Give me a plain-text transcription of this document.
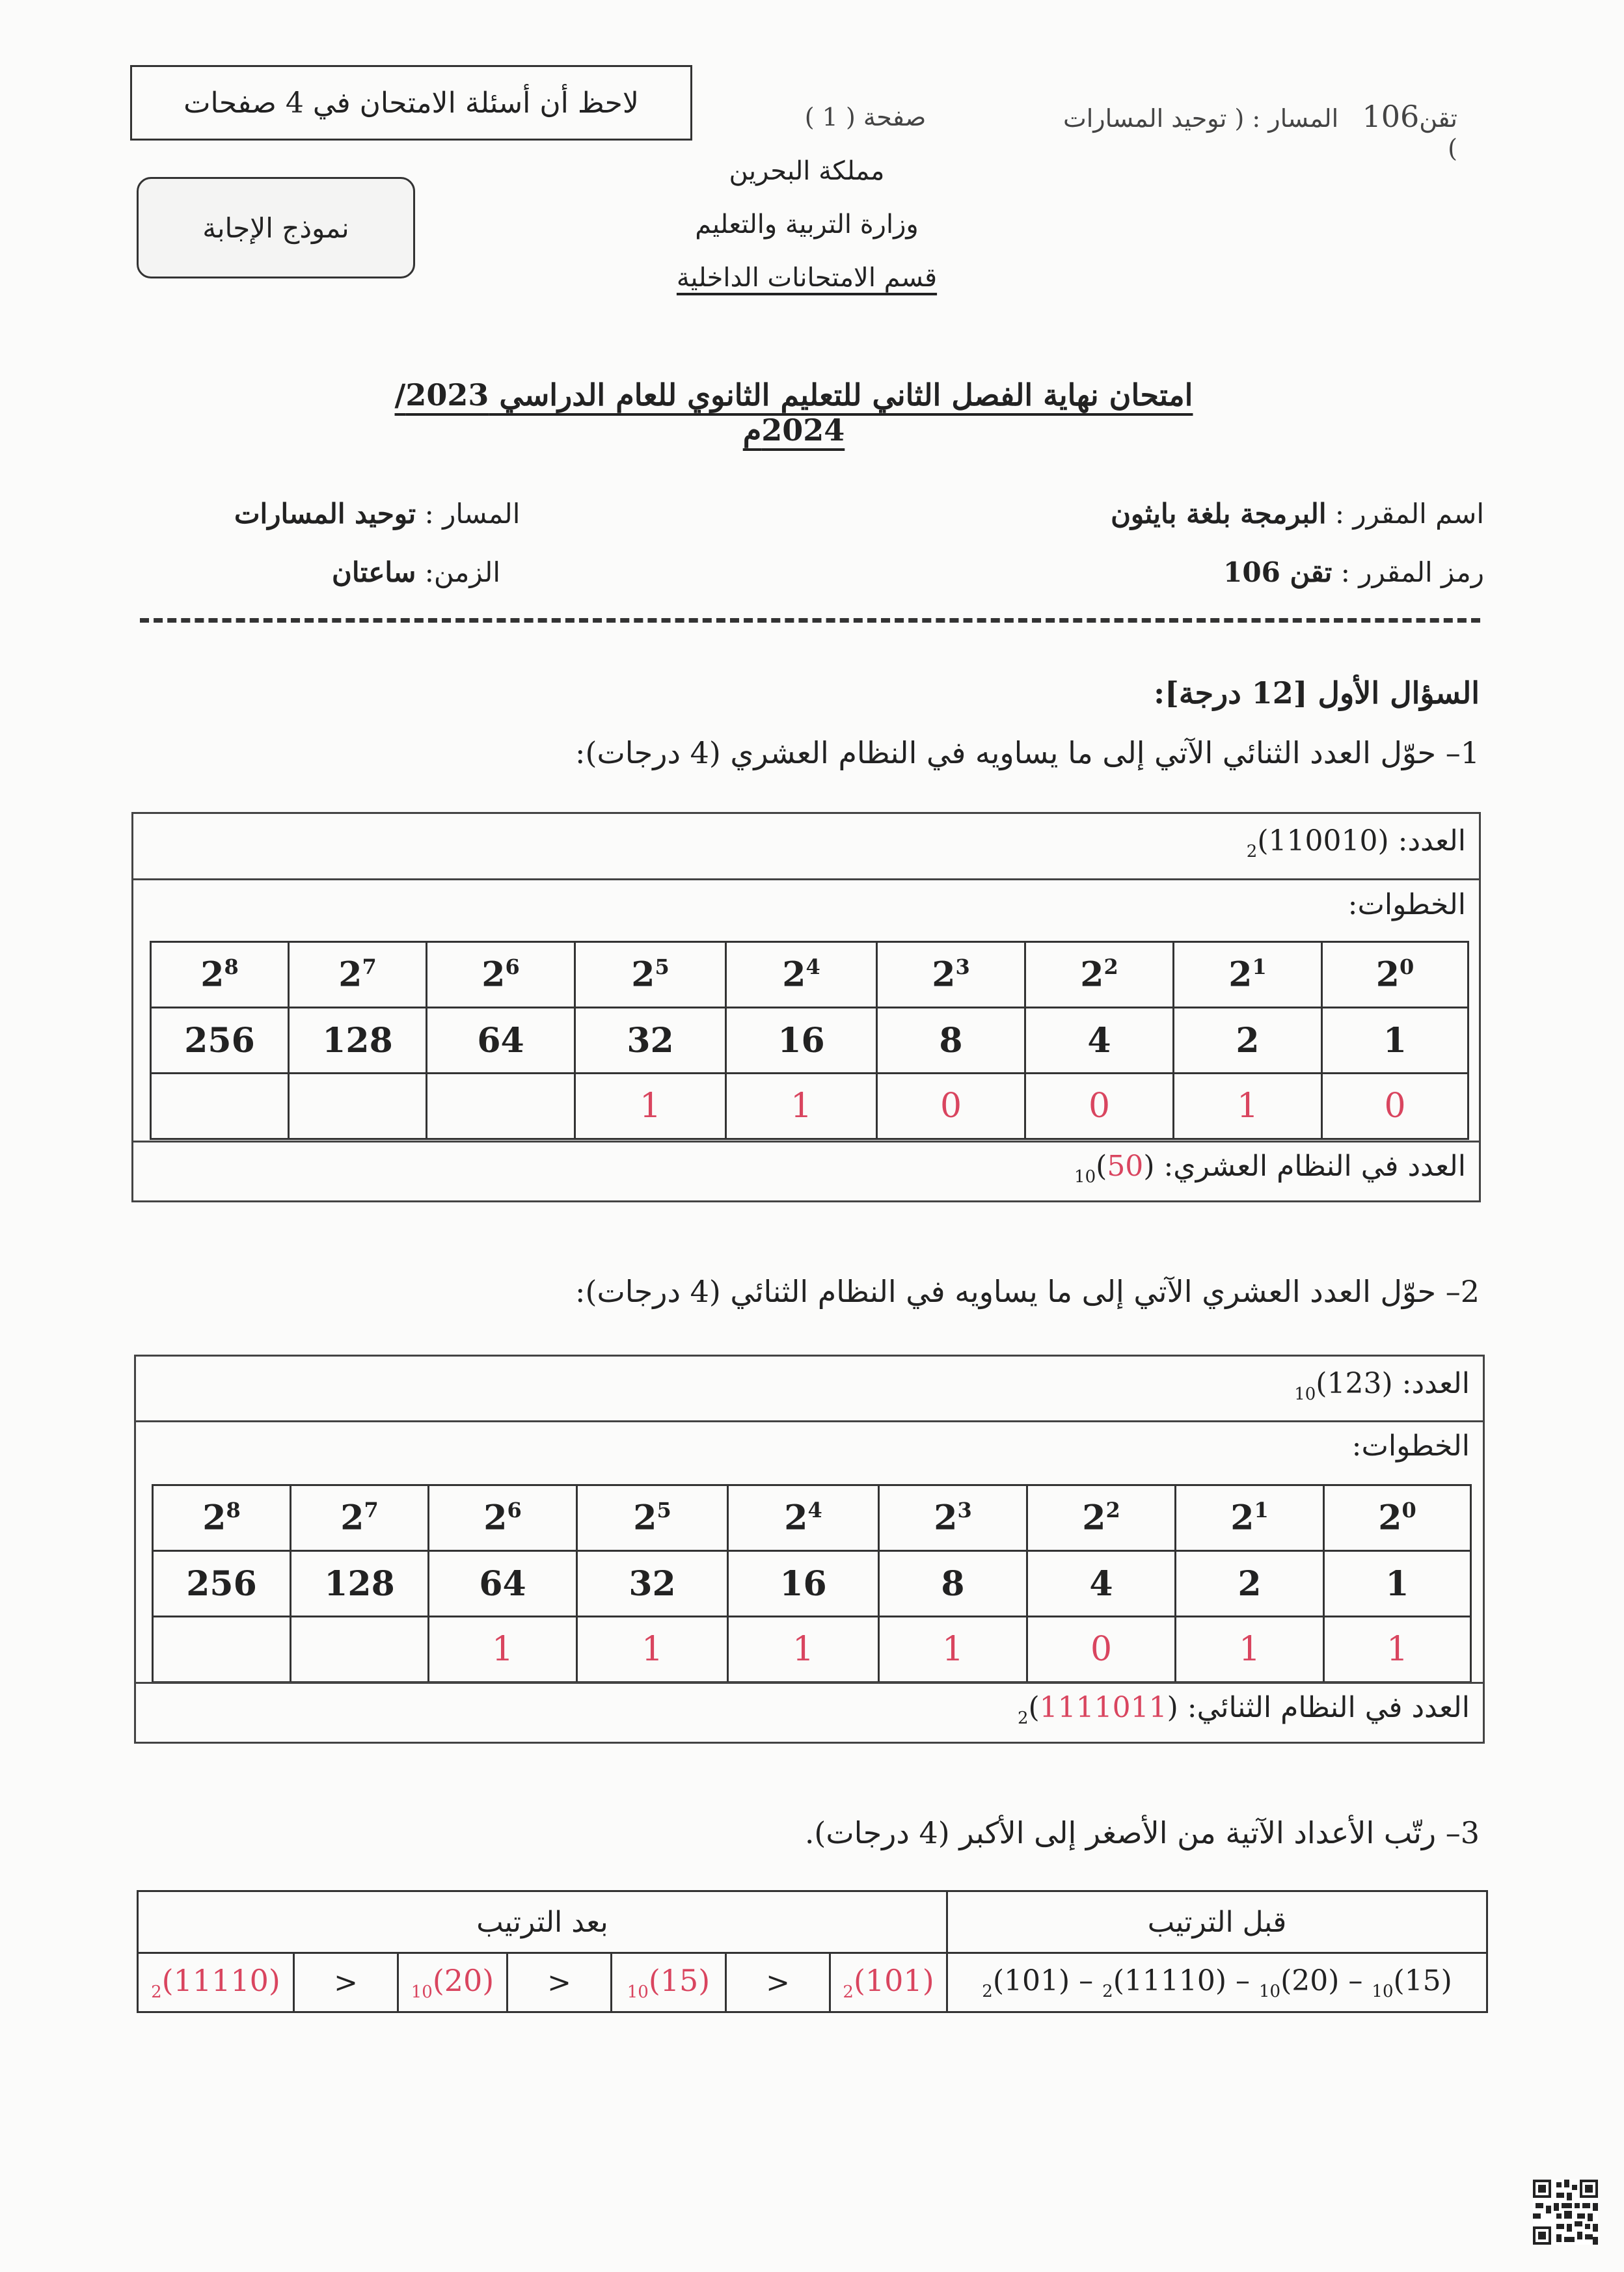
لاحظ أن أسئلة الامتحان في 4 صفحات
نموذج الإجابة
صفحة ( 1 )	تقن106   المسار : ( توحيد المسارات )
مملكة البحرين
وزارة التربية والتعليم
قسم الامتحانات الداخلية
امتحان نهاية الفصل الثاني للتعليم الثانوي للعام الدراسي 2023/ 2024م
اسم المقرر : البرمجة بلغة بايثون
رمز المقرر : تقن 106
المسار : توحيد المسارات
الزمن: ساعتان
السؤال الأول [12 درجة]:
1– حوّل العدد الثنائي الآتي إلى ما يساويه في النظام العشري (4 درجات):
العدد: $_2$(110010)
الخطوات:
$2^8$	$2^7$	$2^6$	$2^5$	$2^4$	$2^3$	$2^2$	$2^1$	$2^0$
256	128	64	32	16	8	4	2	1
			1	1	0	0	1	0
العدد في النظام العشري: $_{10}$(50)
2– حوّل العدد العشري الآتي إلى ما يساويه في النظام الثنائي (4 درجات):
العدد: $_{10}$(123)
الخطوات:
$2^8$	$2^7$	$2^6$	$2^5$	$2^4$	$2^3$	$2^2$	$2^1$	$2^0$
256	128	64	32	16	8	4	2	1
		1	1	1	1	0	1	1
العدد في النظام الثنائي: $_2$(1111011)
3– رتّب الأعداد الآتية من الأصغر إلى الأكبر (4 درجات).
بعد الترتيب							قبل الترتيب
$_2$(11110)	>	$_{10}$(20)	>	$_{10}$(15)	>	$_2$(101)	$_2$(101) – $_2$(11110) – $_{10}$(20) – $_{10}$(15)
